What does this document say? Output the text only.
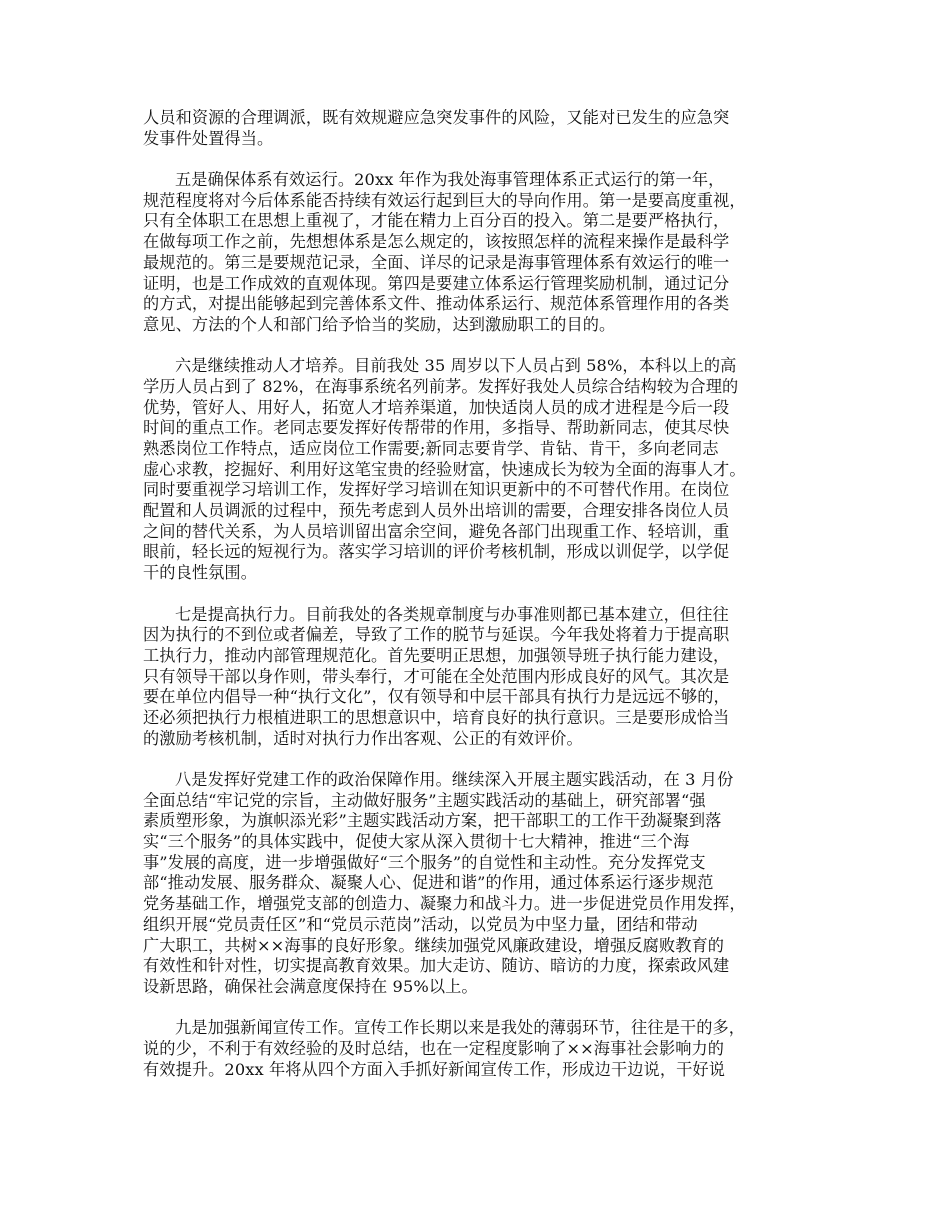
人员和资源的合理调派，既有效规避应急突发事件的风险，又能对已发生的应急突
发事件处置得当。
五是确保体系有效运行。20xx 年作为我处海事管理体系正式运行的第一年，
规范程度将对今后体系能否持续有效运行起到巨大的导向作用。第一是要高度重视，
只有全体职工在思想上重视了，才能在精力上百分百的投入。第二是要严格执行，
在做每项工作之前，先想想体系是怎么规定的，该按照怎样的流程来操作是最科学
最规范的。第三是要规范记录，全面、详尽的记录是海事管理体系有效运行的唯一
证明，也是工作成效的直观体现。第四是要建立体系运行管理奖励机制，通过记分
的方式，对提出能够起到完善体系文件、推动体系运行、规范体系管理作用的各类
意见、方法的个人和部门给予恰当的奖励，达到激励职工的目的。
六是继续推动人才培养。目前我处 35 周岁以下人员占到 58%，本科以上的高
学历人员占到了 82%，在海事系统名列前茅。发挥好我处人员综合结构较为合理的
优势，管好人、用好人，拓宽人才培养渠道，加快适岗人员的成才进程是今后一段
时间的重点工作。老同志要发挥好传帮带的作用，多指导、帮助新同志，使其尽快
熟悉岗位工作特点，适应岗位工作需要;新同志要肯学、肯钻、肯干，多向老同志
虚心求教，挖掘好、利用好这笔宝贵的经验财富，快速成长为较为全面的海事人才。
同时要重视学习培训工作，发挥好学习培训在知识更新中的不可替代作用。在岗位
配置和人员调派的过程中，预先考虑到人员外出培训的需要，合理安排各岗位人员
之间的替代关系，为人员培训留出富余空间，避免各部门出现重工作、轻培训，重
眼前，轻长远的短视行为。落实学习培训的评价考核机制，形成以训促学，以学促
干的良性氛围。
七是提高执行力。目前我处的各类规章制度与办事准则都已基本建立，但往往
因为执行的不到位或者偏差，导致了工作的脱节与延误。今年我处将着力于提高职
工执行力，推动内部管理规范化。首先要明正思想，加强领导班子执行能力建设，
只有领导干部以身作则，带头奉行，才可能在全处范围内形成良好的风气。其次是
要在单位内倡导一种“执行文化”，仅有领导和中层干部具有执行力是远远不够的，
还必须把执行力根植进职工的思想意识中，培育良好的执行意识。三是要形成恰当
的激励考核机制，适时对执行力作出客观、公正的有效评价。
八是发挥好党建工作的政治保障作用。继续深入开展主题实践活动，在 3 月份
全面总结“牢记党的宗旨，主动做好服务”主题实践活动的基础上，研究部署“强
素质塑形象，为旗帜添光彩”主题实践活动方案，把干部职工的工作干劲凝聚到落
实“三个服务”的具体实践中，促使大家从深入贯彻十七大精神，推进“三个海
事”发展的高度，进一步增强做好“三个服务”的自觉性和主动性。充分发挥党支
部“推动发展、服务群众、凝聚人心、促进和谐”的作用，通过体系运行逐步规范
党务基础工作，增强党支部的创造力、凝聚力和战斗力。进一步促进党员作用发挥，
组织开展“党员责任区”和“党员示范岗”活动，以党员为中坚力量，团结和带动
广大职工，共树××海事的良好形象。继续加强党风廉政建设，增强反腐败教育的
有效性和针对性，切实提高教育效果。加大走访、随访、暗访的力度，探索政风建
设新思路，确保社会满意度保持在 95%以上。
九是加强新闻宣传工作。宣传工作长期以来是我处的薄弱环节，往往是干的多，
说的少，不利于有效经验的及时总结，也在一定程度影响了××海事社会影响力的
有效提升。20xx 年将从四个方面入手抓好新闻宣传工作，形成边干边说，干好说
